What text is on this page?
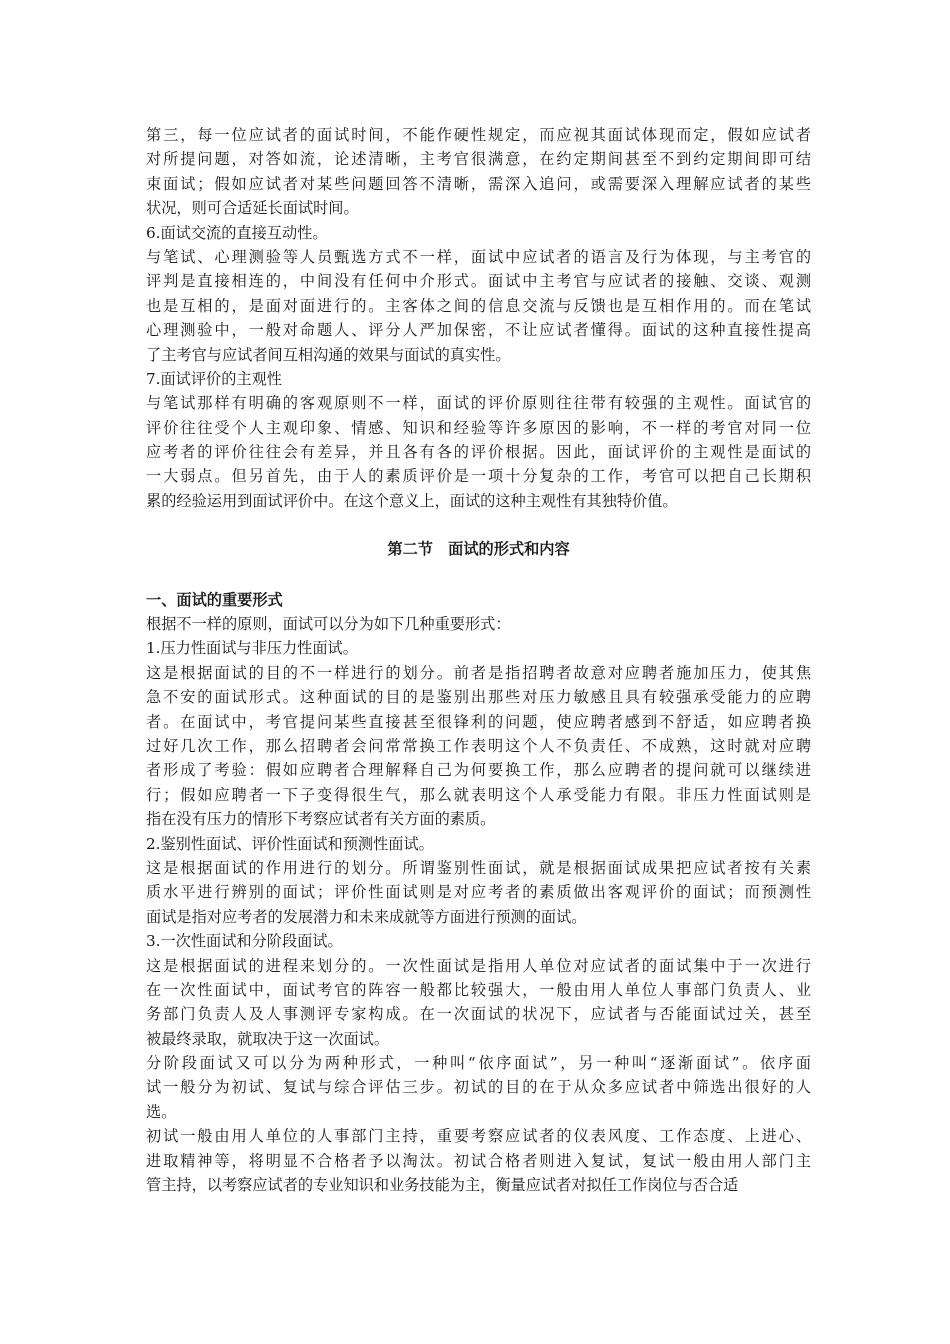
第三，每一位应试者的面试时间，不能作硬性规定，而应视其面试体现而定，假如应试者
对所提问题，对答如流，论述清晰，主考官很满意，在约定期间甚至不到约定期间即可结
束面试；假如应试者对某些问题回答不清晰，需深入追问，或需要深入理解应试者的某些
状况，则可合适延长面试时间。
6.面试交流的直接互动性。
与笔试、心理测验等人员甄选方式不一样，面试中应试者的语言及行为体现，与主考官的
评判是直接相连的，中间没有任何中介形式。面试中主考官与应试者的接触、交谈、观测
也是互相的，是面对面进行的。主客体之间的信息交流与反馈也是互相作用的。而在笔试
心理测验中，一般对命题人、评分人严加保密，不让应试者懂得。面试的这种直接性提高
了主考官与应试者间互相沟通的效果与面试的真实性。
7.面试评价的主观性
与笔试那样有明确的客观原则不一样，面试的评价原则往往带有较强的主观性。面试官的
评价往往受个人主观印象、情感、知识和经验等许多原因的影响，不一样的考官对同一位
应考者的评价往往会有差异，并且各有各的评价根据。因此，面试评价的主观性是面试的
一大弱点。但另首先，由于人的素质评价是一项十分复杂的工作，考官可以把自己长期积
累的经验运用到面试评价中。在这个意义上，面试的这种主观性有其独特价值。
第二节　面试的形式和内容
一、面试的重要形式
根据不一样的原则，面试可以分为如下几种重要形式：
1.压力性面试与非压力性面试。
这是根据面试的目的不一样进行的划分。前者是指招聘者故意对应聘者施加压力，使其焦
急不安的面试形式。这种面试的目的是鉴别出那些对压力敏感且具有较强承受能力的应聘
者。在面试中，考官提问某些直接甚至很锋利的问题，使应聘者感到不舒适，如应聘者换
过好几次工作，那么招聘者会问常常换工作表明这个人不负责任、不成熟，这时就对应聘
者形成了考验：假如应聘者合理解释自己为何要换工作，那么应聘者的提问就可以继续进
行；假如应聘者一下子变得很生气，那么就表明这个人承受能力有限。非压力性面试则是
指在没有压力的情形下考察应试者有关方面的素质。
2.鉴别性面试、评价性面试和预测性面试。
这是根据面试的作用进行的划分。所谓鉴别性面试，就是根据面试成果把应试者按有关素
质水平进行辨别的面试；评价性面试则是对应考者的素质做出客观评价的面试；而预测性
面试是指对应考者的发展潜力和未来成就等方面进行预测的面试。
3.一次性面试和分阶段面试。
这是根据面试的进程来划分的。一次性面试是指用人单位对应试者的面试集中于一次进行
在一次性面试中，面试考官的阵容一般都比较强大，一般由用人单位人事部门负责人、业
务部门负责人及人事测评专家构成。在一次面试的状况下，应试者与否能面试过关，甚至
被最终录取，就取决于这一次面试。
分阶段面试又可以分为两种形式，一种叫“依序面试”，另一种叫“逐渐面试”。依序面
试一般分为初试、复试与综合评估三步。初试的目的在于从众多应试者中筛选出很好的人
选。
初试一般由用人单位的人事部门主持，重要考察应试者的仪表风度、工作态度、上进心、
进取精神等，将明显不合格者予以淘汰。初试合格者则进入复试，复试一般由用人部门主
管主持，以考察应试者的专业知识和业务技能为主，衡量应试者对拟任工作岗位与否合适
